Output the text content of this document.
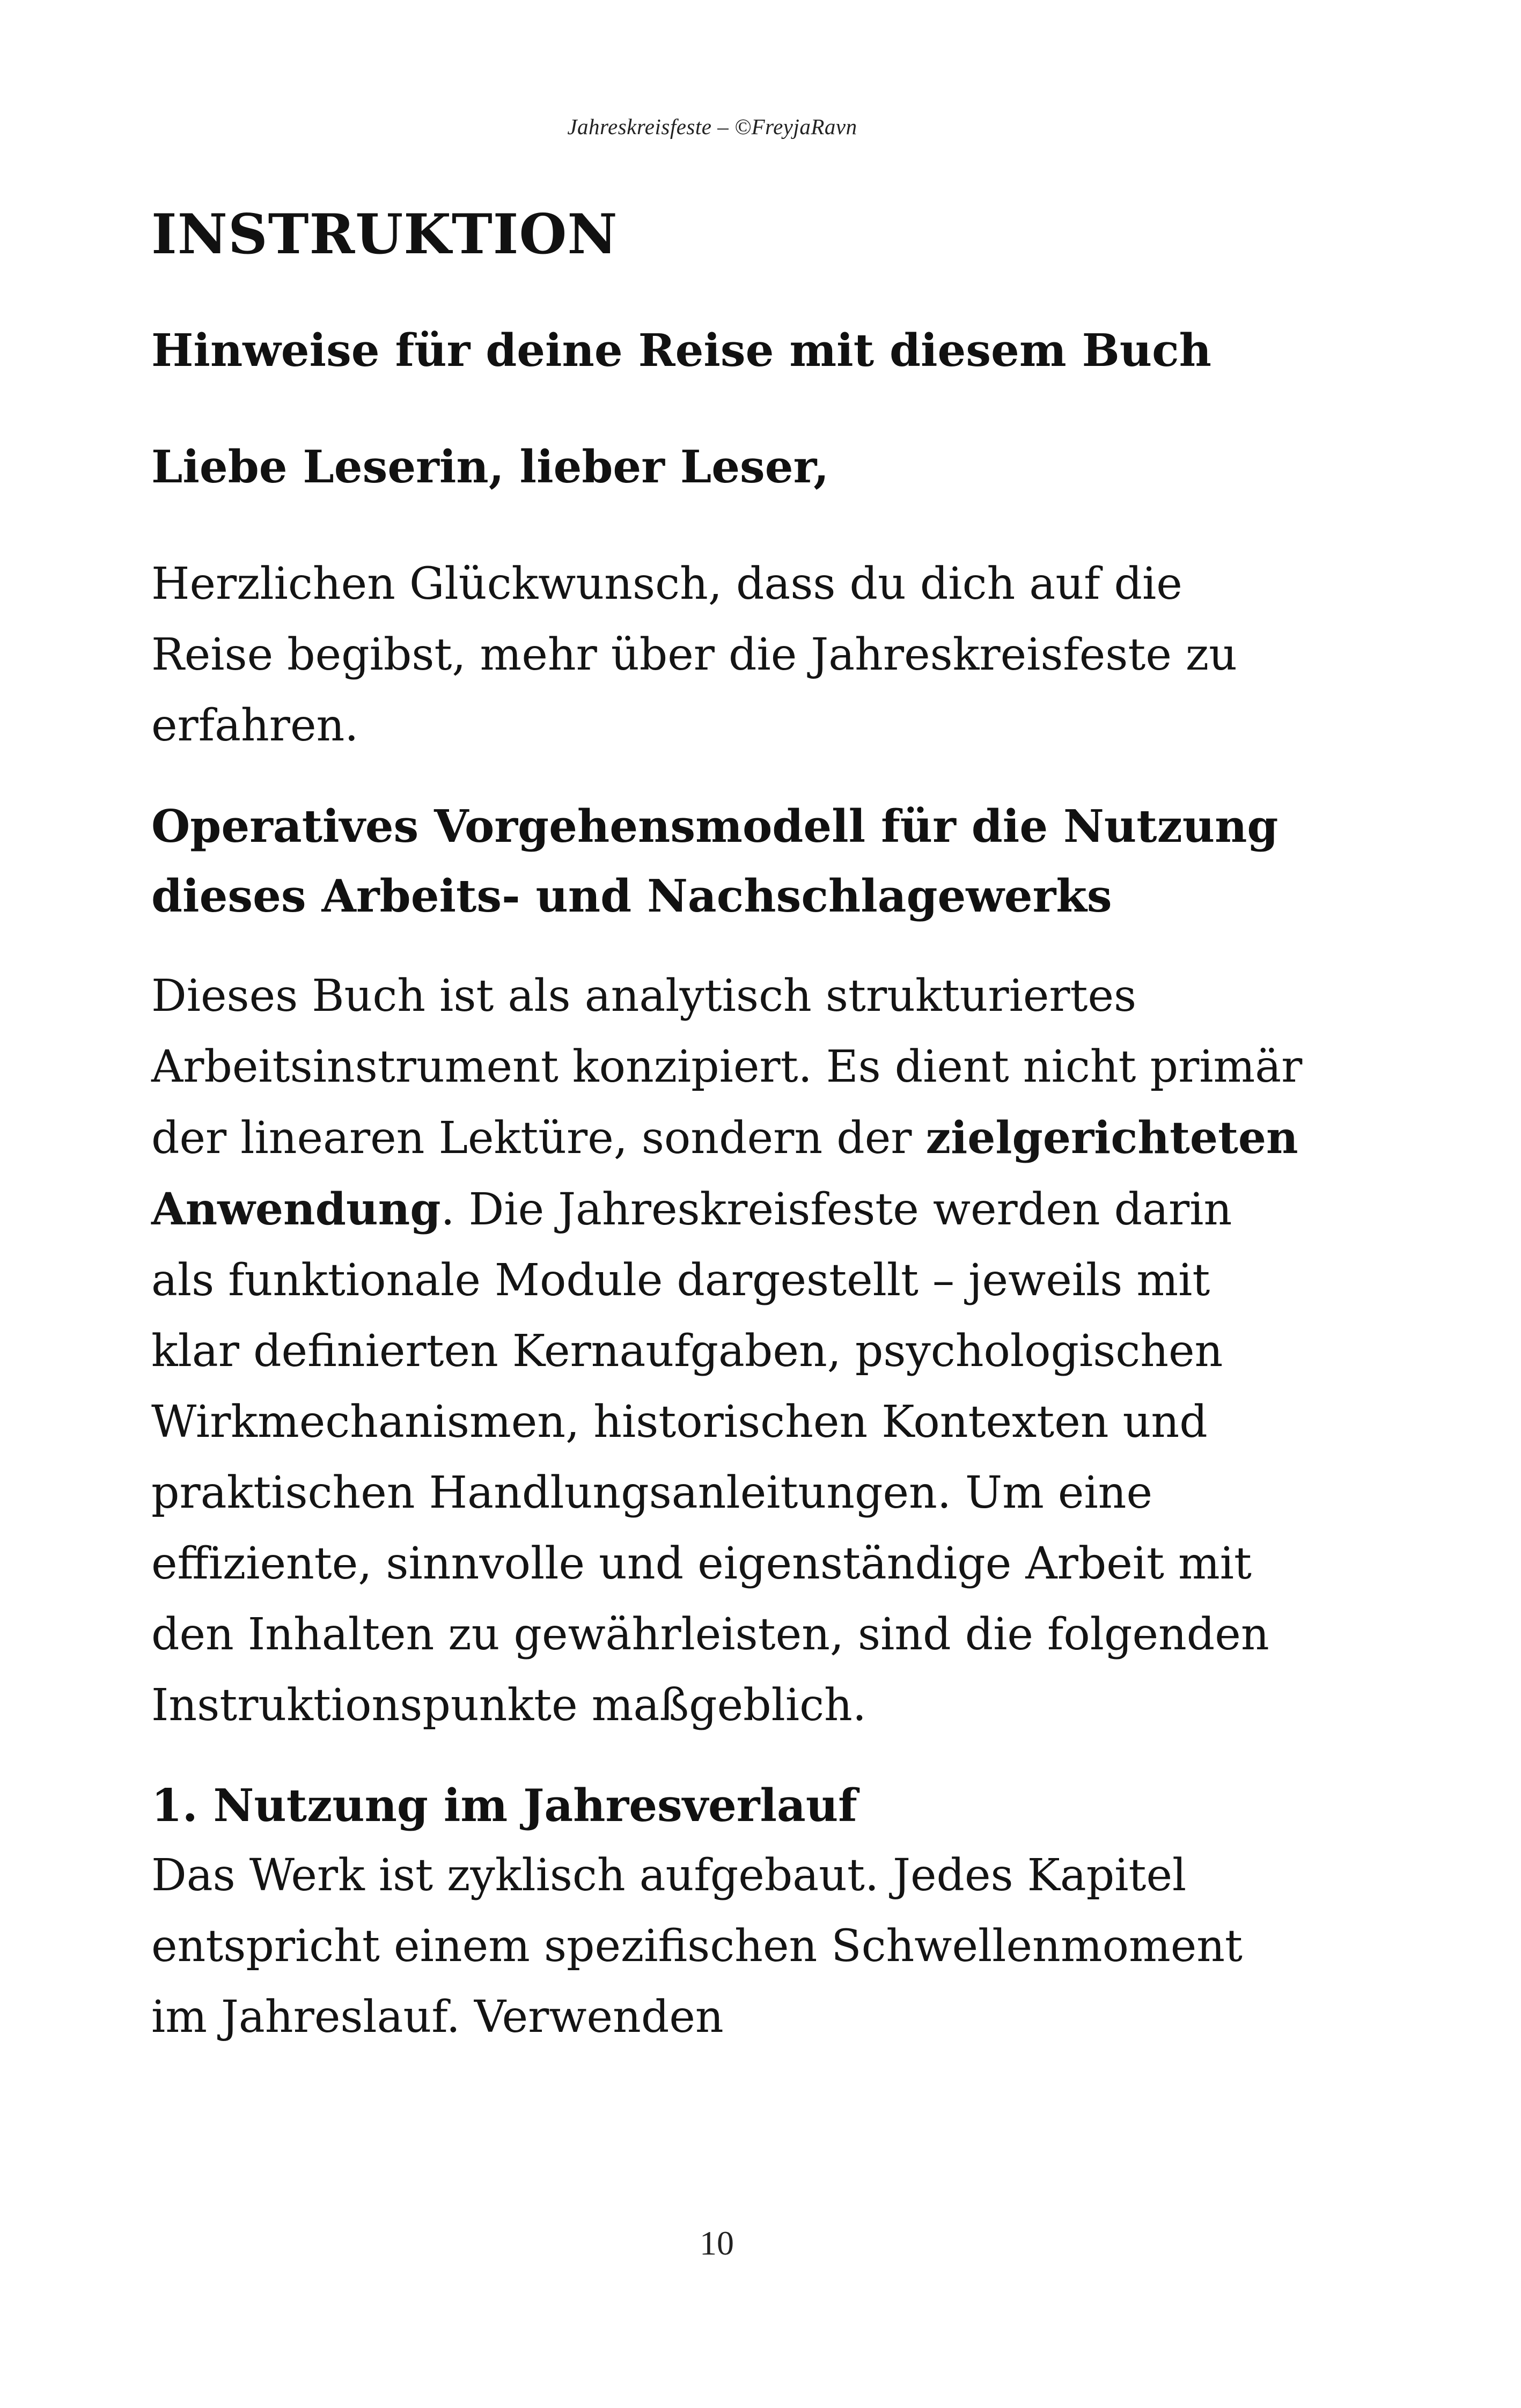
Jahreskreisfeste – ©FreyjaRavn
INSTRUKTION
Hinweise für deine Reise mit diesem Buch
Liebe Leserin, lieber Leser,

Herzlichen Glückwunsch, dass du dich auf die Reise begibst, mehr über die Jahreskreisfeste zu erfahren.

Operatives Vorgehensmodell für die Nutzung dieses Arbeits- und Nachschlagewerks

Dieses Buch ist als analytisch strukturiertes Arbeitsinstrument konzipiert. Es dient nicht primär der linearen Lektüre, sondern der zielgerichteten Anwendung. Die Jahreskreisfeste werden darin als funktionale Module dargestellt – jeweils mit klar definierten Kernaufgaben, psychologischen Wirkmechanismen, historischen Kontexten und praktischen Handlungsanleitungen. Um eine effiziente, sinnvolle und eigenständige Arbeit mit den Inhalten zu gewährleisten, sind die folgenden Instruktionspunkte maßgeblich.

1. Nutzung im Jahresverlauf

Das Werk ist zyklisch aufgebaut. Jedes Kapitel entspricht einem spezifischen Schwellenmoment im Jahreslauf. Verwenden

10
